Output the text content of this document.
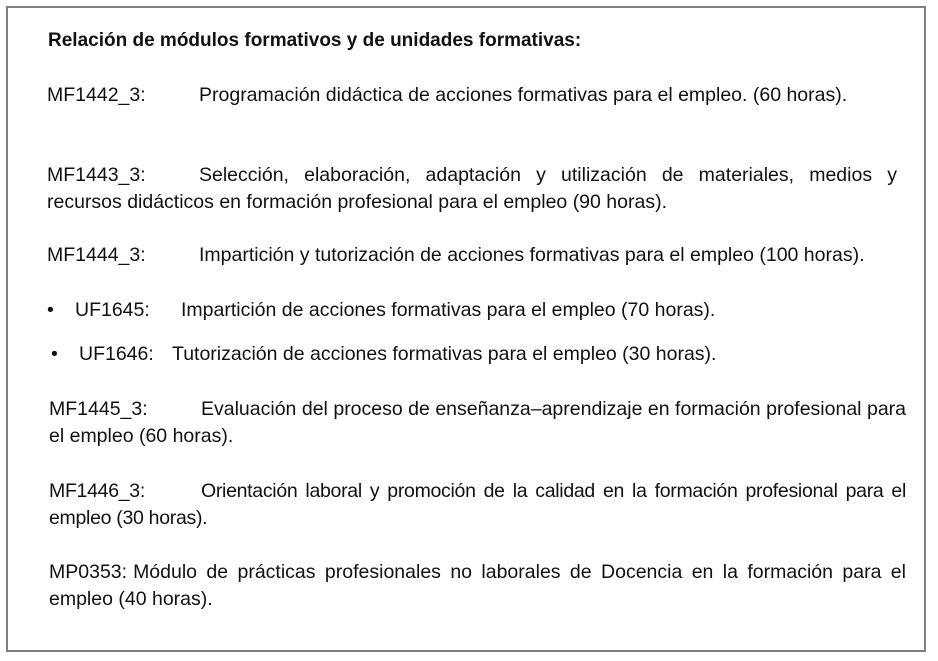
Relación de módulos formativos y de unidades formativas:
MF1442_3:	Programación didáctica de acciones formativas para el empleo. (60 horas).
MF1443_3:	Selección, elaboración, adaptación y utilización de materiales, medios y recursos didácticos en formación profesional para el empleo (90 horas).
MF1444_3:	Impartición y tutorización de acciones formativas para el empleo (100 horas).
• UF1645: Impartición de acciones formativas para el empleo (70 horas).
• UF1646: Tutorización de acciones formativas para el empleo (30 horas).
MF1445_3:	Evaluación del proceso de enseñanza–aprendizaje en formación profesional para el empleo (60 horas).
MF1446_3:	Orientación laboral y promoción de la calidad en la formación profesional para el empleo (30 horas).
MP0353: Módulo de prácticas profesionales no laborales de Docencia en la formación para el empleo (40 horas).
